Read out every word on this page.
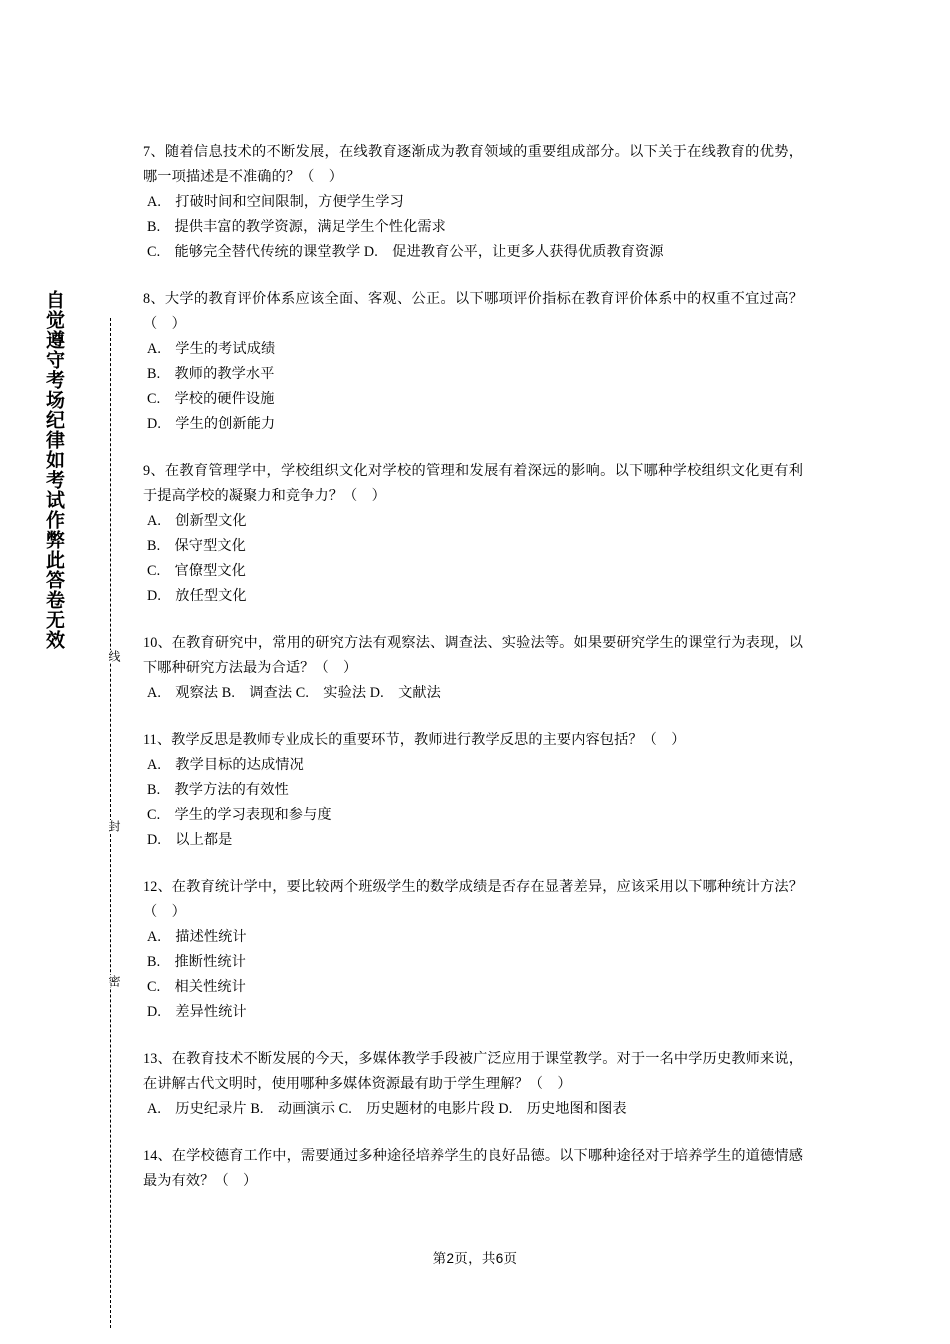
自觉遵守考场纪律如考试作弊此答卷无效
线
封
密
7、随着信息技术的不断发展，在线教育逐渐成为教育领域的重要组成部分。以下关于在线教育的优势，哪一项描述是不准确的？（　）
A.　打破时间和空间限制，方便学生学习
B.　提供丰富的教学资源，满足学生个性化需求
C.　能够完全替代传统的课堂教学 D.　促进教育公平，让更多人获得优质教育资源
8、大学的教育评价体系应该全面、客观、公正。以下哪项评价指标在教育评价体系中的权重不宜过高？（　）
A.　学生的考试成绩
B.　教师的教学水平
C.　学校的硬件设施
D.　学生的创新能力
9、在教育管理学中，学校组织文化对学校的管理和发展有着深远的影响。以下哪种学校组织文化更有利于提高学校的凝聚力和竞争力？（　）
A.　创新型文化
B.　保守型文化
C.　官僚型文化
D.　放任型文化
10、在教育研究中，常用的研究方法有观察法、调查法、实验法等。如果要研究学生的课堂行为表现，以下哪种研究方法最为合适？（　）
A.　观察法 B.　调查法 C.　实验法 D.　文献法
11、教学反思是教师专业成长的重要环节，教师进行教学反思的主要内容包括？（　）
A.　教学目标的达成情况
B.　教学方法的有效性
C.　学生的学习表现和参与度
D.　以上都是
12、在教育统计学中，要比较两个班级学生的数学成绩是否存在显著差异，应该采用以下哪种统计方法？（　）
A.　描述性统计
B.　推断性统计
C.　相关性统计
D.　差异性统计
13、在教育技术不断发展的今天，多媒体教学手段被广泛应用于课堂教学。对于一名中学历史教师来说，在讲解古代文明时，使用哪种多媒体资源最有助于学生理解？（　）
A.　历史纪录片 B.　动画演示 C.　历史题材的电影片段 D.　历史地图和图表
14、在学校德育工作中，需要通过多种途径培养学生的良好品德。以下哪种途径对于培养学生的道德情感最为有效？（　）
第2页，共6页
